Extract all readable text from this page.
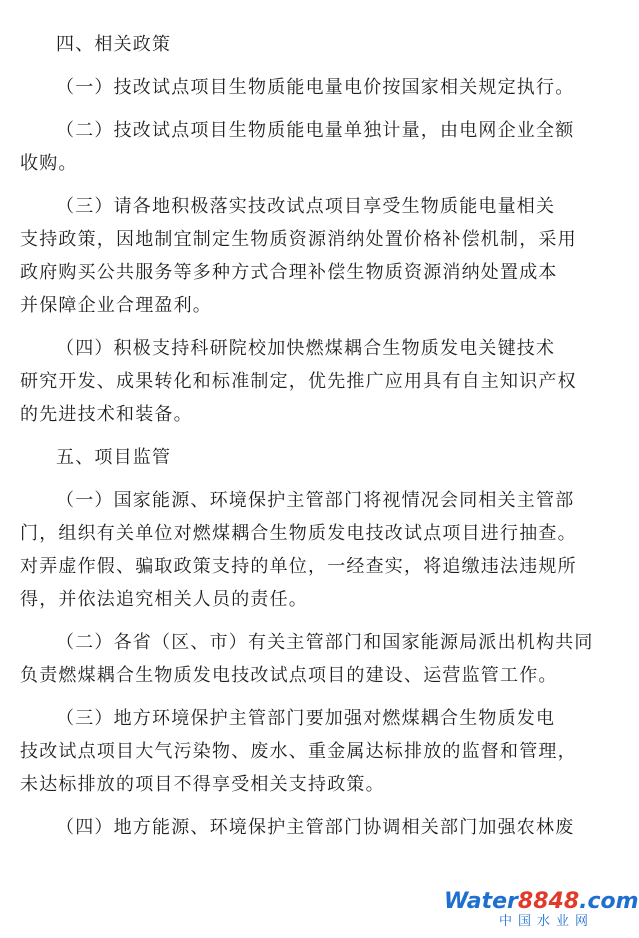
四、相关政策
（一）技改试点项目生物质能电量电价按国家相关规定执行。
（二）技改试点项目生物质能电量单独计量，由电网企业全额
收购。
（三）请各地积极落实技改试点项目享受生物质能电量相关
支持政策，因地制宜制定生物质资源消纳处置价格补偿机制，采用
政府购买公共服务等多种方式合理补偿生物质资源消纳处置成本
并保障企业合理盈利。
（四）积极支持科研院校加快燃煤耦合生物质发电关键技术
研究开发、成果转化和标准制定，优先推广应用具有自主知识产权
的先进技术和装备。
五、项目监管
（一）国家能源、环境保护主管部门将视情况会同相关主管部
门，组织有关单位对燃煤耦合生物质发电技改试点项目进行抽查。
对弄虚作假、骗取政策支持的单位，一经查实，将追缴违法违规所
得，并依法追究相关人员的责任。
（二）各省（区、市）有关主管部门和国家能源局派出机构共同
负责燃煤耦合生物质发电技改试点项目的建设、运营监管工作。
（三）地方环境保护主管部门要加强对燃煤耦合生物质发电
技改试点项目大气污染物、废水、重金属达标排放的监督和管理，
未达标排放的项目不得享受相关支持政策。
（四）地方能源、环境保护主管部门协调相关部门加强农林废
Water8848.com
中国水业网
